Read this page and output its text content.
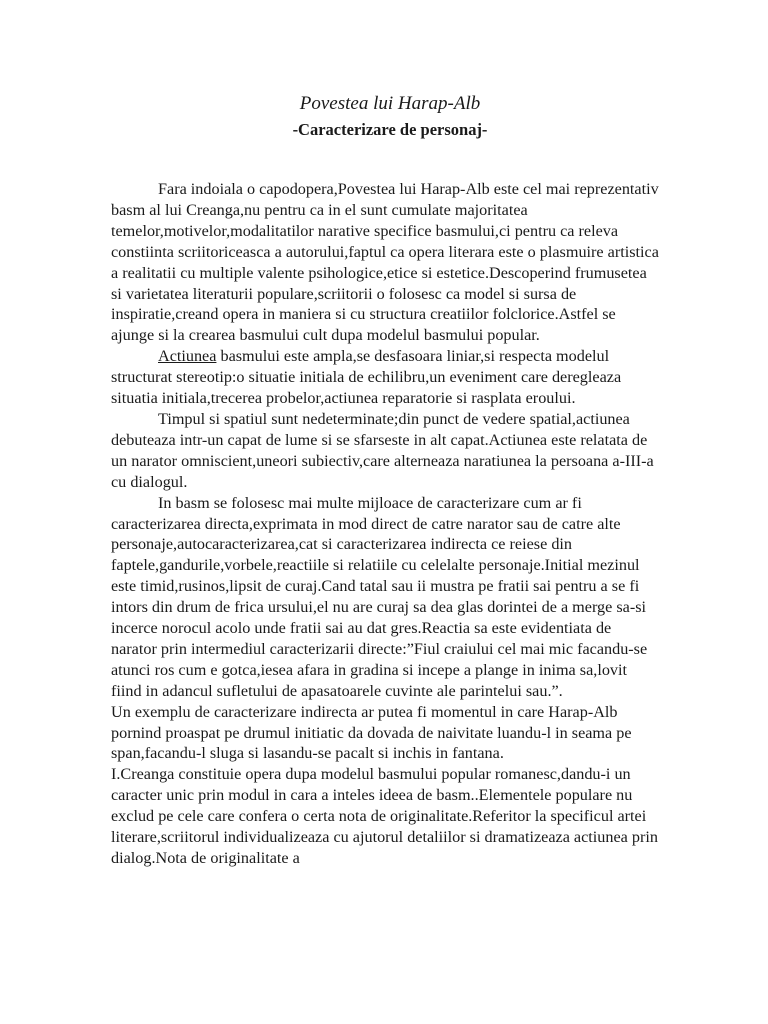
Povestea lui Harap-Alb
-Caracterizare de personaj-

Fara indoiala o capodopera,Povestea lui Harap-Alb este cel mai reprezentativ basm al lui Creanga,nu pentru ca in el sunt cumulate majoritatea temelor,motivelor,modalitatilor narative specifice basmului,ci pentru ca releva constiinta scriitoriceasca a autorului,faptul ca opera literara este o plasmuire artistica a realitatii cu multiple valente psihologice,etice si estetice.Descoperind frumusetea si varietatea literaturii populare,scriitorii o folosesc ca model si sursa de inspiratie,creand opera in maniera si cu structura creatiilor folclorice.Astfel se ajunge si la crearea basmului cult dupa modelul basmului popular.

Actiunea basmului este ampla,se desfasoara liniar,si respecta modelul structurat stereotip:o situatie initiala de echilibru,un eveniment care deregleaza situatia initiala,trecerea probelor,actiunea reparatorie si rasplata eroului.

Timpul si spatiul sunt nedeterminate;din punct de vedere spatial,actiunea debuteaza intr-un capat de lume si se sfarseste in alt capat.Actiunea este relatata de un narator omniscient,uneori subiectiv,care alterneaza naratiunea la persoana a-III-a cu dialogul.

In basm se folosesc mai multe mijloace de caracterizare cum ar fi caracterizarea directa,exprimata in mod direct de catre narator sau de catre alte personaje,autocaracterizarea,cat si caracterizarea indirecta ce reiese din faptele,gandurile,vorbele,reactiile si relatiile cu celelalte personaje.Initial mezinul este timid,rusinos,lipsit de curaj.Cand tatal sau ii mustra pe fratii sai pentru a se fi intors din drum de frica ursului,el nu are curaj sa dea glas dorintei de a merge sa-si incerce norocul acolo unde fratii sai au dat gres.Reactia sa este evidentiata de narator prin intermediul caracterizarii directe:”Fiul craiului cel mai mic facandu-se atunci ros cum e gotca,iesea afara in gradina si incepe a plange in inima sa,lovit fiind in adancul sufletului de apasatoarele cuvinte ale parintelui sau.”.

Un exemplu de caracterizare indirecta ar putea fi momentul in care Harap-Alb pornind proaspat pe drumul initiatic da dovada de naivitate luandu-l in seama pe span,facandu-l sluga si lasandu-se pacalt si inchis in fantana.

I.Creanga constituie opera dupa modelul basmului popular romanesc,dandu-i un caracter unic prin modul in cara a inteles ideea de basm..Elementele populare nu exclud pe cele care confera o certa nota de originalitate.Referitor la specificul artei literare,scriitorul individualizeaza cu ajutorul detaliilor si dramatizeaza actiunea prin dialog.Nota de originalitate a
